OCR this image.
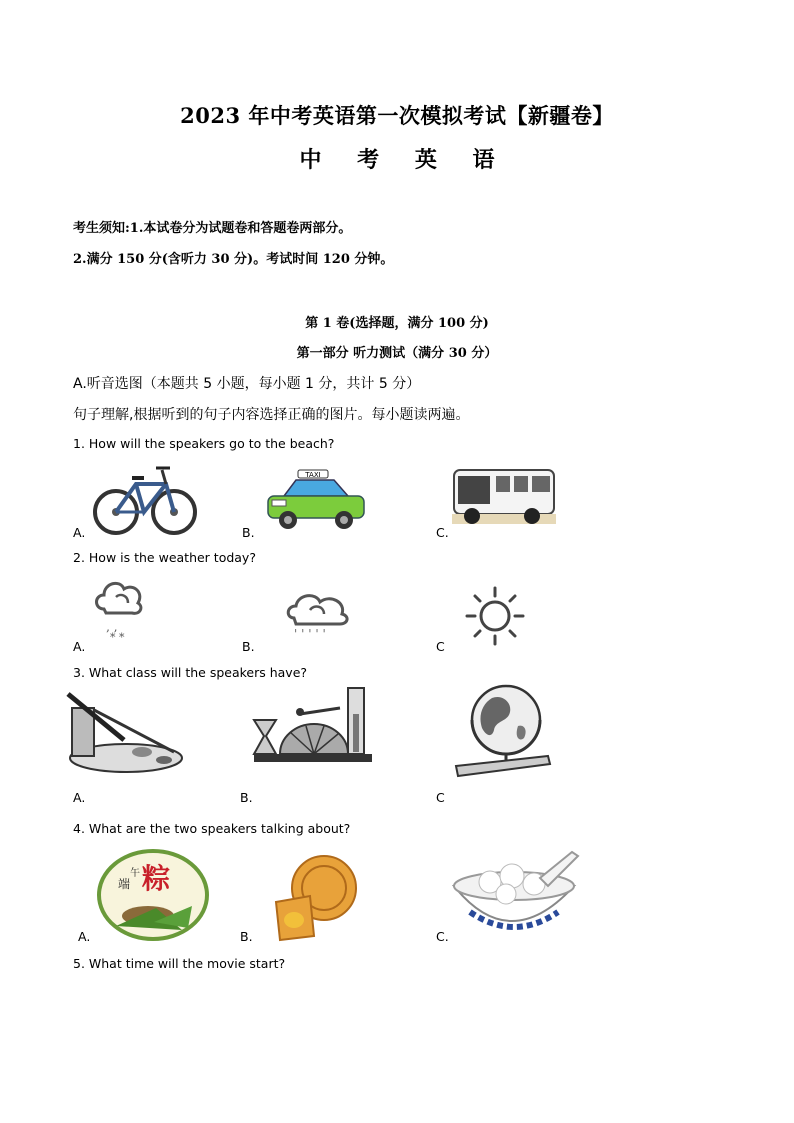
2023 年中考英语第一次模拟考试【新疆卷】
中 考 英 语
考生须知:1.本试卷分为试题卷和答题卷两部分。
2.满分 150 分(含听力 30 分)。考试时间 120 分钟。
第 1 卷(选择题，满分 100 分)
第一部分 听力测试（满分 30 分）
A.听音选图（本题共 5 小题，每小题 1 分，共计 5 分）
句子理解,根据听到的句子内容选择正确的图片。每小题读两遍。
1. How will the speakers go to the beach?
A.	B.	C.
TAXI
2. How is the weather today?
A.	B.	C
‚ ‚
* *	' ' ' ' '
3. What class will the speakers have?
A.	B.	C
4. What are the two speakers talking about?
A.	B.	C.
粽
端
午
5. What time will the movie start?
